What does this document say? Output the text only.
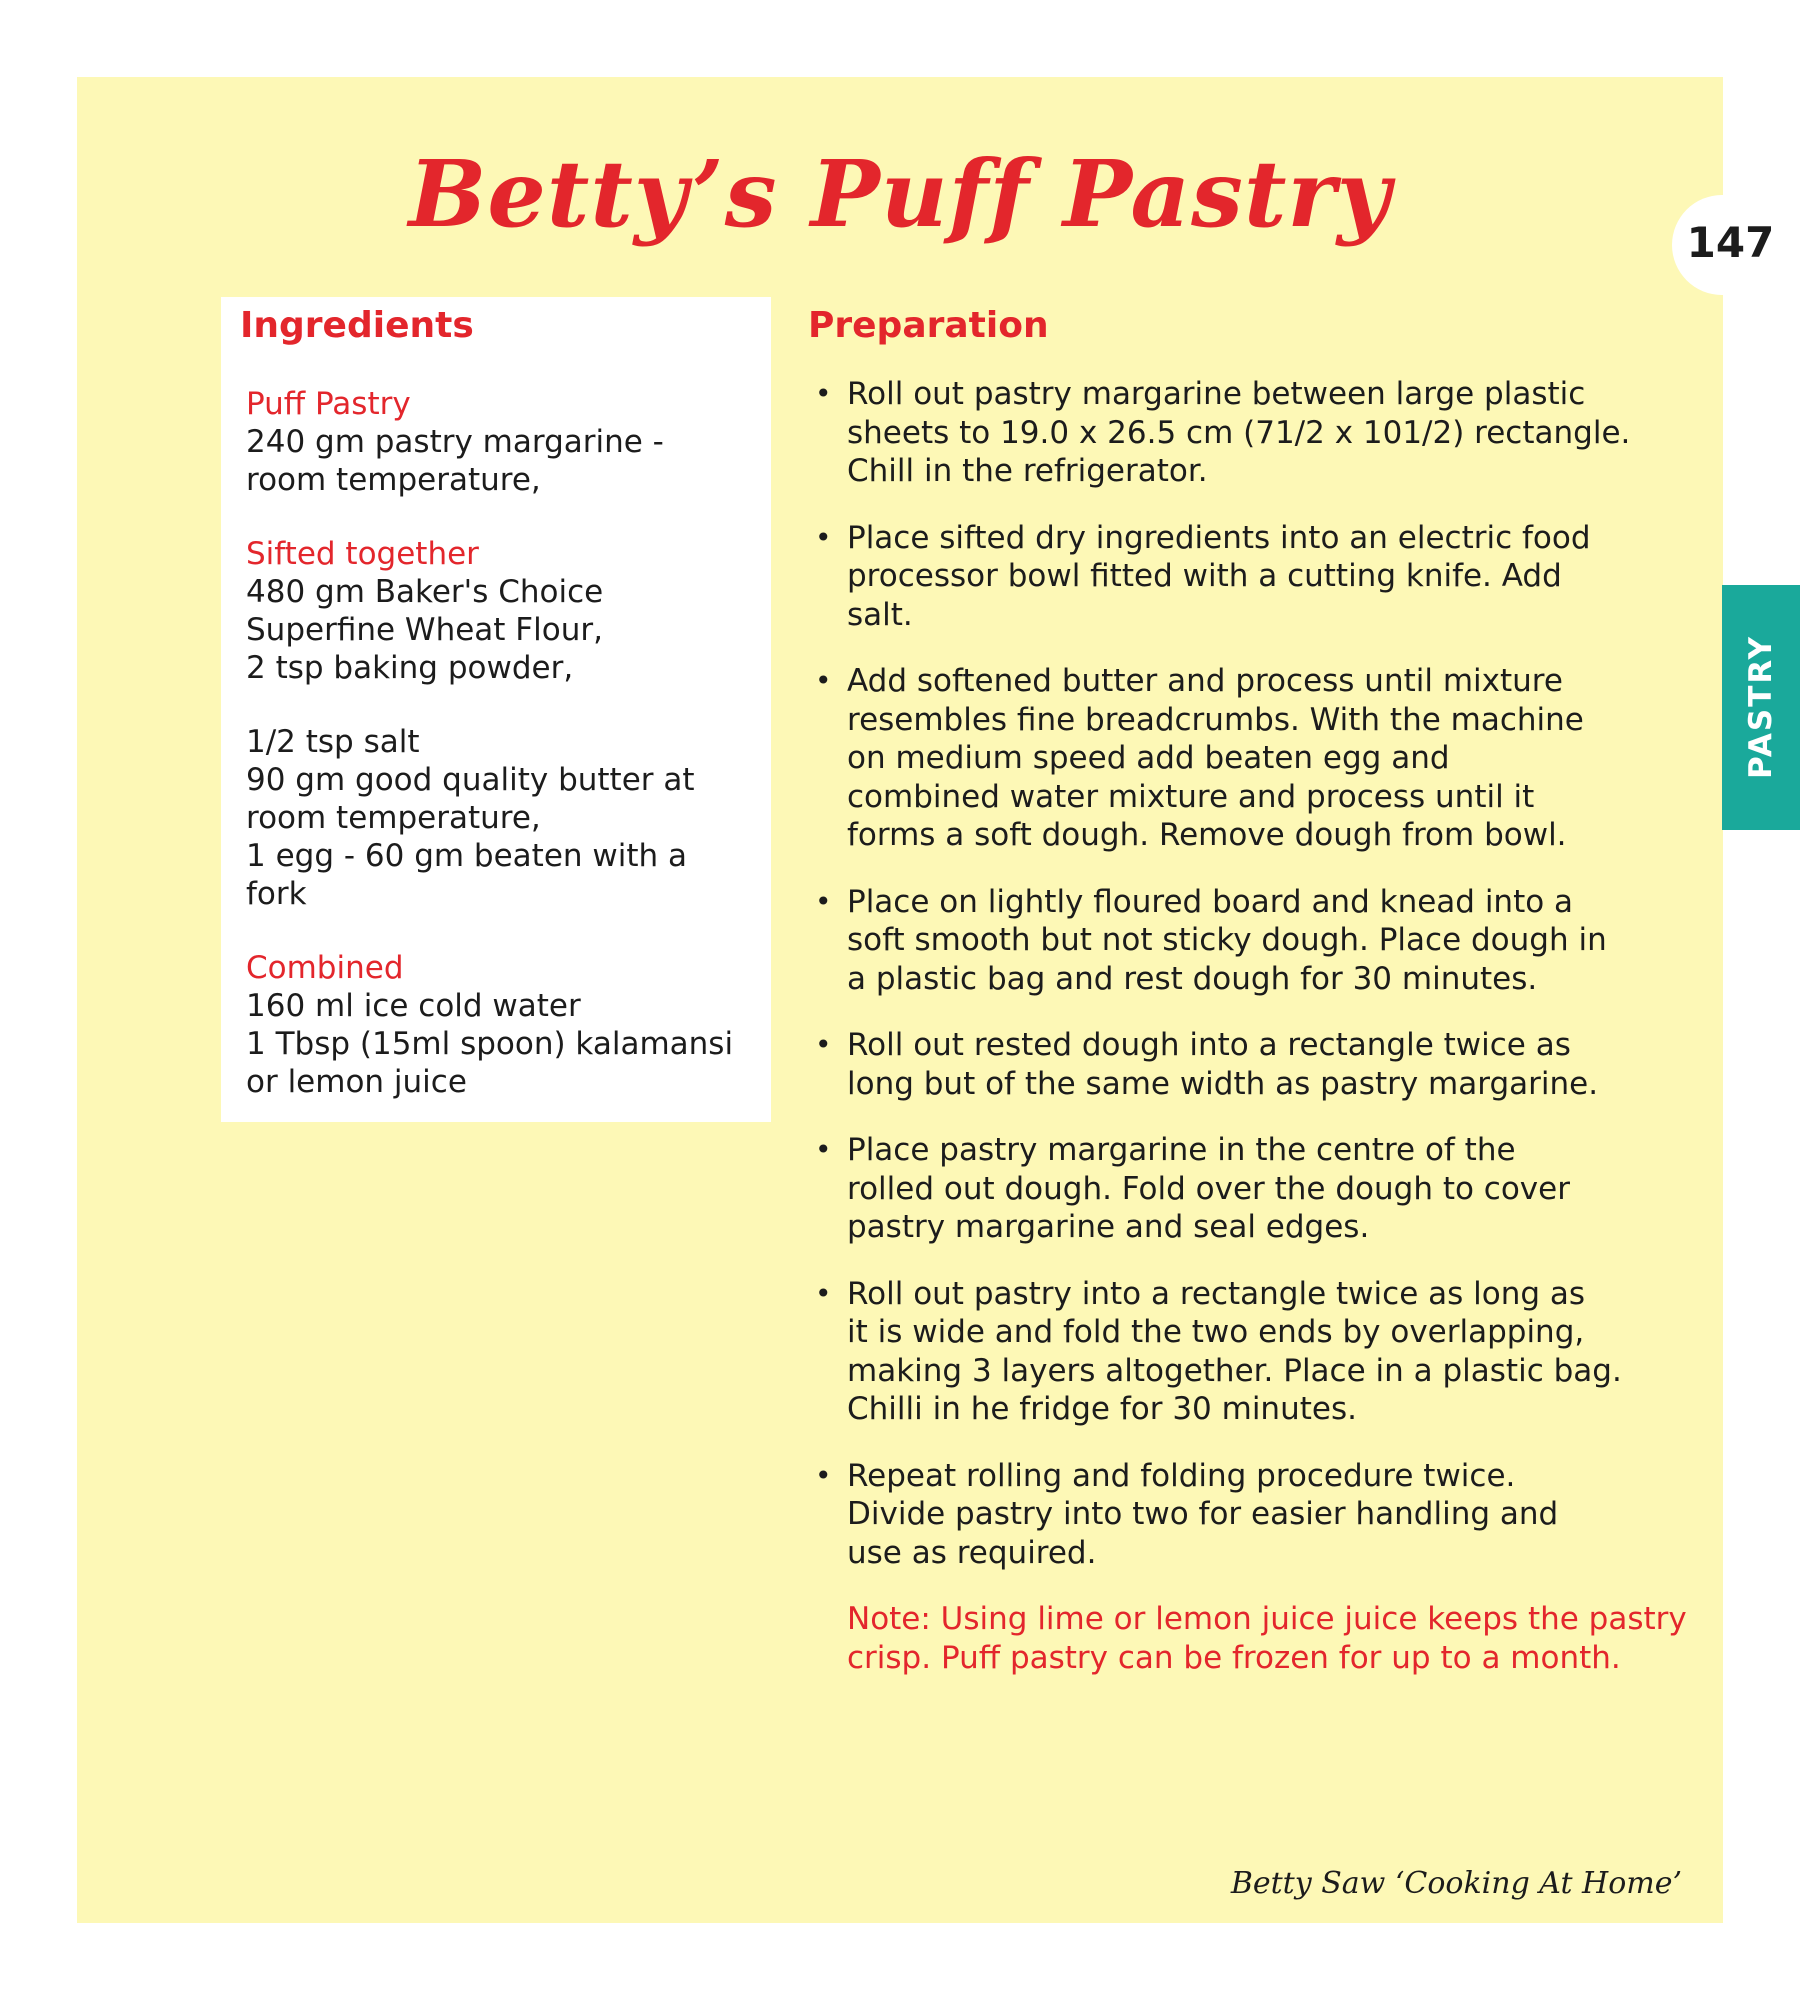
Betty’s Puff Pastry	147
PASTRY
Ingredients
Puff Pastry
240 gm pastry margarine -
room temperature,
Sifted together
480 gm Baker's Choice
Superfine Wheat Flour,
2 tsp baking powder,
1/2 tsp salt
90 gm good quality butter at
room temperature,
1 egg - 60 gm beaten with a
fork
Combined
160 ml ice cold water
1 Tbsp (15ml spoon) kalamansi
or lemon juice
Preparation
• Roll out pastry margarine between large plastic
sheets to 19.0 x 26.5 cm (71/2 x 101/2) rectangle.
Chill in the refrigerator.
• Place sifted dry ingredients into an electric food
processor bowl fitted with a cutting knife. Add
salt.
• Add softened butter and process until mixture
resembles fine breadcrumbs. With the machine
on medium speed add beaten egg and
combined water mixture and process until it
forms a soft dough. Remove dough from bowl.
• Place on lightly floured board and knead into a
soft smooth but not sticky dough. Place dough in
a plastic bag and rest dough for 30 minutes.
• Roll out rested dough into a rectangle twice as
long but of the same width as pastry margarine.
• Place pastry margarine in the centre of the
rolled out dough. Fold over the dough to cover
pastry margarine and seal edges.
• Roll out pastry into a rectangle twice as long as
it is wide and fold the two ends by overlapping,
making 3 layers altogether. Place in a plastic bag.
Chilli in he fridge for 30 minutes.
• Repeat rolling and folding procedure twice.
Divide pastry into two for easier handling and
use as required.
Note: Using lime or lemon juice juice keeps the pastry
crisp. Puff pastry can be frozen for up to a month.
Betty Saw ‘Cooking At Home’
